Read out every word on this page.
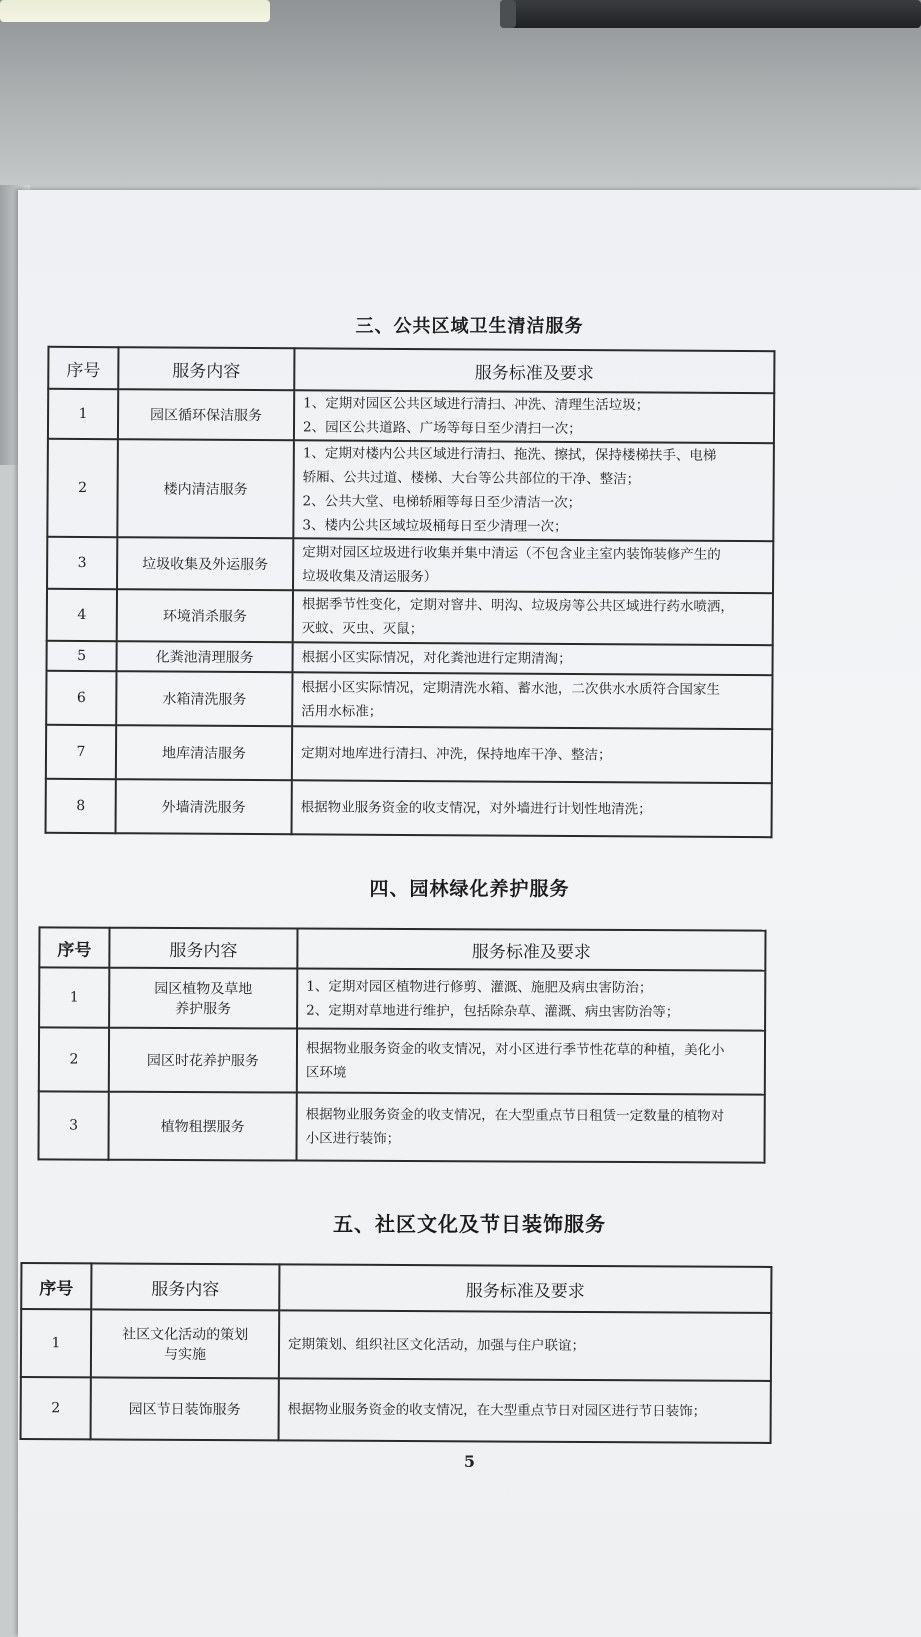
三、公共区域卫生清洁服务
序号	服务内容	服务标准及要求
1	园区循环保洁服务	1、定期对园区公共区域进行清扫、冲洗、清理生活垃圾；
2、园区公共道路、广场等每日至少清扫一次；

2	楼内清洁服务	1、定期对楼内公共区域进行清扫、拖洗、擦拭，保持楼梯扶手、电梯
轿厢、公共过道、楼梯、大台等公共部位的干净、整洁；
2、公共大堂、电梯轿厢等每日至少清洁一次；
3、楼内公共区域垃圾桶每日至少清理一次；

3	垃圾收集及外运服务	定期对园区垃圾进行收集并集中清运（不包含业主室内装饰装修产生的
垃圾收集及清运服务）

4	环境消杀服务	根据季节性变化，定期对窨井、明沟、垃圾房等公共区域进行药水喷洒，
灭蚊、灭虫、灭鼠；

5	化粪池清理服务	根据小区实际情况，对化粪池进行定期清淘；

6	水箱清洗服务	根据小区实际情况，定期清洗水箱、蓄水池，二次供水水质符合国家生
活用水标准；

7	地库清洁服务	定期对地库进行清扫、冲洗，保持地库干净、整洁；

8	外墙清洗服务	根据物业服务资金的收支情况，对外墙进行计划性地清洗；
四、园林绿化养护服务
序号	服务内容	服务标准及要求
1	园区植物及草地
养护服务	1、定期对园区植物进行修剪、灌溉、施肥及病虫害防治；
2、定期对草地进行维护，包括除杂草、灌溉、病虫害防治等；

2	园区时花养护服务	根据物业服务资金的收支情况，对小区进行季节性花草的种植，美化小
区环境

3	植物租摆服务	根据物业服务资金的收支情况，在大型重点节日租赁一定数量的植物对
小区进行装饰；
五、社区文化及节日装饰服务
序号	服务内容	服务标准及要求
1	社区文化活动的策划
与实施	定期策划、组织社区文化活动，加强与住户联谊；

2	园区节日装饰服务	根据物业服务资金的收支情况，在大型重点节日对园区进行节日装饰；
5
